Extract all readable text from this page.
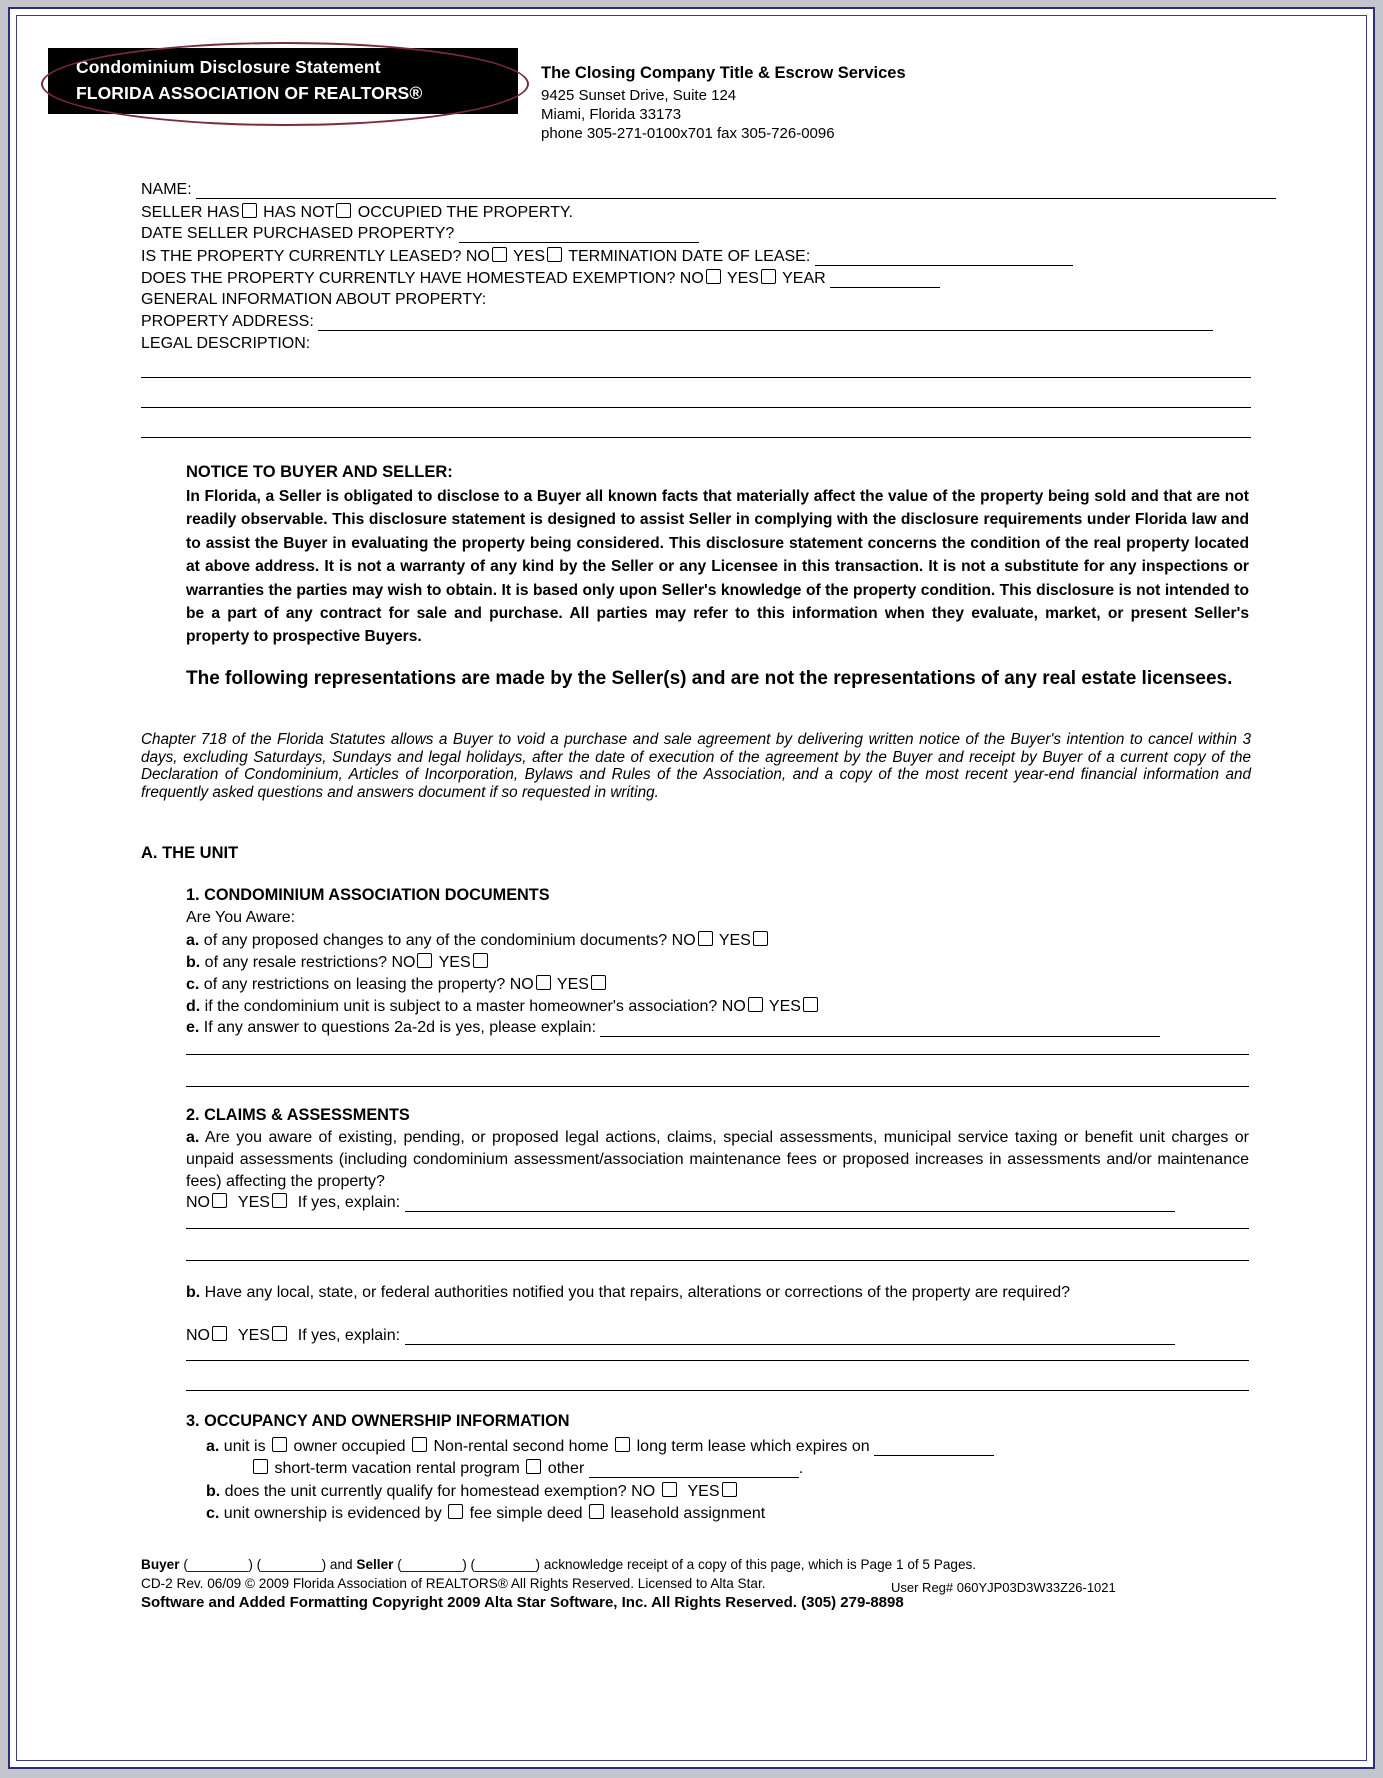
Condominium Disclosure Statement
FLORIDA ASSOCIATION OF REALTORS®
The Closing Company Title & Escrow Services
9425 Sunset Drive, Suite 124
Miami, Florida 33173
phone 305-271-0100x701 fax 305-726-0096
NAME:
SELLER HAS HAS NOT OCCUPIED THE PROPERTY.
DATE SELLER PURCHASED PROPERTY?
IS THE PROPERTY CURRENTLY LEASED? NO YES TERMINATION DATE OF LEASE:
DOES THE PROPERTY CURRENTLY HAVE HOMESTEAD EXEMPTION? NO YES YEAR
GENERAL INFORMATION ABOUT PROPERTY:
PROPERTY ADDRESS:
LEGAL DESCRIPTION:
NOTICE TO BUYER AND SELLER:
In Florida, a Seller is obligated to disclose to a Buyer all known facts that materially affect the value of the property being sold and that are not readily observable. This disclosure statement is designed to assist Seller in complying with the disclosure requirements under Florida law and to assist the Buyer in evaluating the property being considered. This disclosure statement concerns the condition of the real property located at above address. It is not a warranty of any kind by the Seller or any Licensee in this transaction. It is not a substitute for any inspections or warranties the parties may wish to obtain. It is based only upon Seller's knowledge of the property condition. This disclosure is not intended to be a part of any contract for sale and purchase. All parties may refer to this information when they evaluate, market, or present Seller's property to prospective Buyers.
The following representations are made by the Seller(s) and are not the representations of any real estate licensees.
Chapter 718 of the Florida Statutes allows a Buyer to void a purchase and sale agreement by delivering written notice of the Buyer's intention to cancel within 3 days, excluding Saturdays, Sundays and legal holidays, after the date of execution of the agreement by the Buyer and receipt by Buyer of a current copy of the Declaration of Condominium, Articles of Incorporation, Bylaws and Rules of the Association, and a copy of the most recent year-end financial information and frequently asked questions and answers document if so requested in writing.
A. THE UNIT
1. CONDOMINIUM ASSOCIATION DOCUMENTS
Are You Aware:
a. of any proposed changes to any of the condominium documents? NO YES
b. of any resale restrictions? NO YES
c. of any restrictions on leasing the property? NO YES
d. if the condominium unit is subject to a master homeowner's association? NO YES
e. If any answer to questions 2a-2d is yes, please explain:
2. CLAIMS & ASSESSMENTS
a. Are you aware of existing, pending, or proposed legal actions, claims, special assessments, municipal service taxing or benefit unit charges or unpaid assessments (including condominium assessment/association maintenance fees or proposed increases in assessments and/or maintenance fees) affecting the property?
NO YES If yes, explain:
b. Have any local, state, or federal authorities notified you that repairs, alterations or corrections of the property are required?
NO YES If yes, explain:
3. OCCUPANCY AND OWNERSHIP INFORMATION
a. unit is owner occupied Non-rental second home long term lease which expires on
short-term vacation rental program other	.
b. does the unit currently qualify for homestead exemption? NO YES
c. unit ownership is evidenced by fee simple deed leasehold assignment
Buyer (________) (________) and Seller (________) (________) acknowledge receipt of a copy of this page, which is Page 1 of 5 Pages.
CD-2 Rev. 06/09 © 2009 Florida Association of REALTORS® All Rights Reserved. Licensed to Alta Star.
Software and Added Formatting Copyright 2009 Alta Star Software, Inc. All Rights Reserved. (305) 279-8898
User Reg# 060YJP03D3W33Z26-1021
